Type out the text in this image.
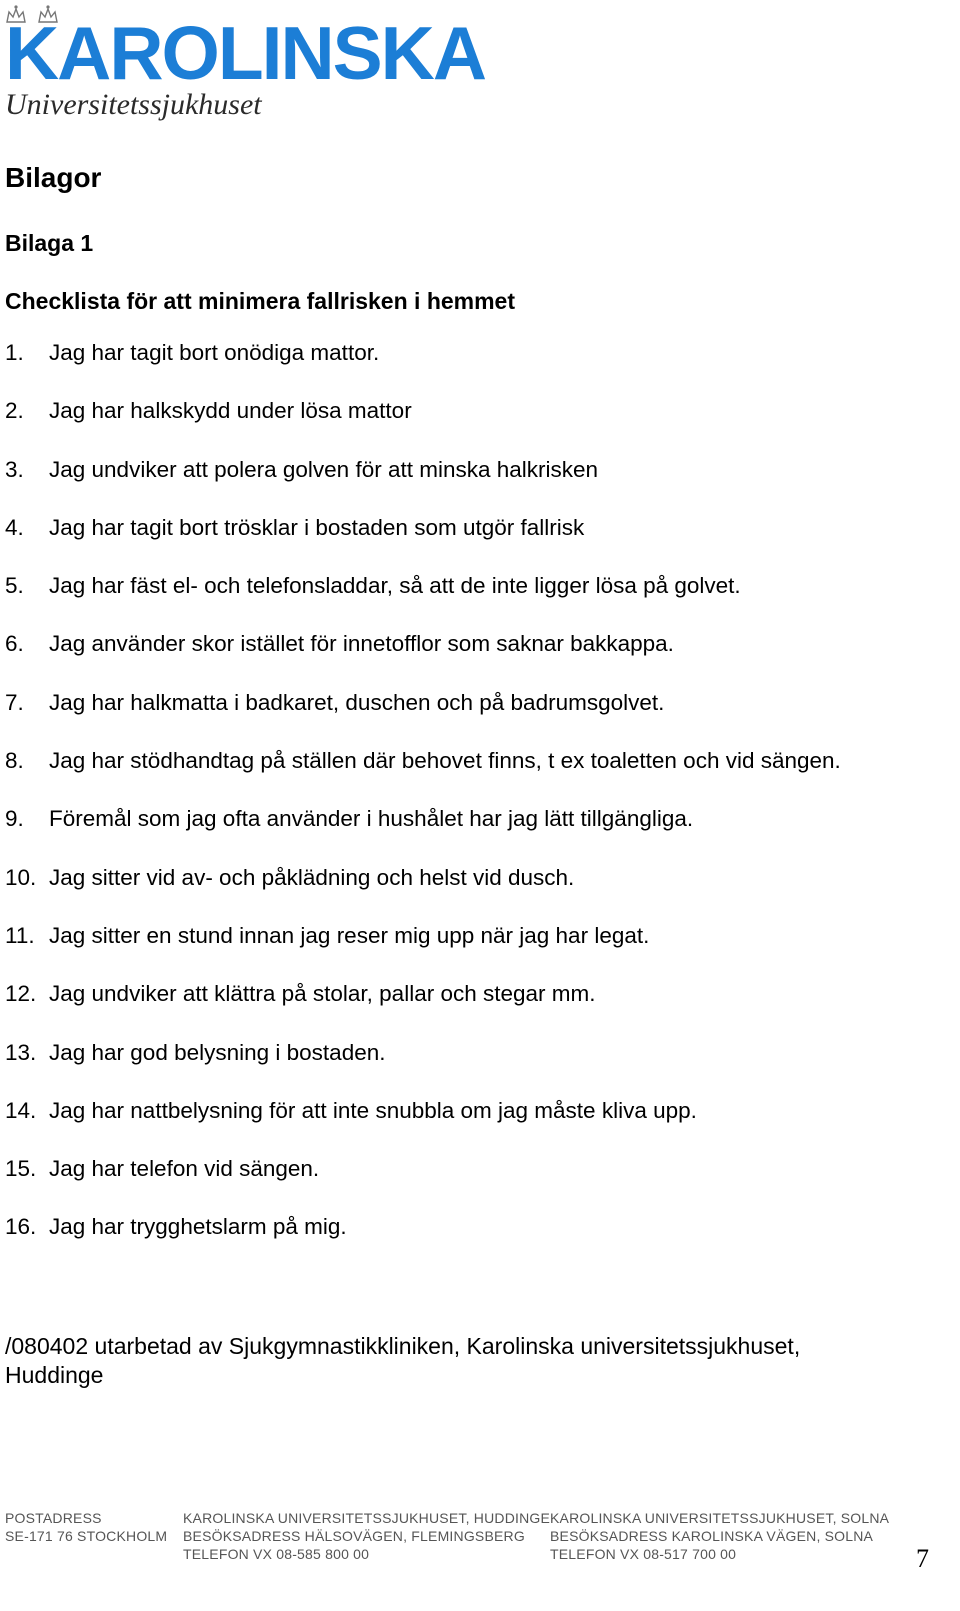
KAROLINSKA
Universitetssjukhuset
Bilagor
Bilaga 1
Checklista för att minimera fallrisken i hemmet
1.	Jag har tagit bort onödiga mattor.
2.	Jag har halkskydd under lösa mattor
3.	Jag undviker att polera golven för att minska halkrisken
4.	Jag har tagit bort trösklar i bostaden som utgör fallrisk
5.	Jag har fäst el- och telefonsladdar, så att de inte ligger lösa på golvet.
6.	Jag använder skor istället för innetofflor som saknar bakkappa.
7.	Jag har halkmatta i badkaret, duschen och på badrumsgolvet.
8.	Jag har stödhandtag på ställen där behovet finns, t ex toaletten och vid sängen.
9.	Föremål som jag ofta använder i hushålet har jag lätt tillgängliga.
10. Jag sitter vid av- och påklädning och helst vid dusch.
11. Jag sitter en stund innan jag reser mig upp när jag har legat.
12. Jag undviker att klättra på stolar, pallar och stegar mm.
13. Jag har god belysning i bostaden.
14. Jag har nattbelysning för att inte snubbla om jag måste kliva upp.
15. Jag har telefon vid sängen.
16. Jag har trygghetslarm på mig.
/080402 utarbetad av Sjukgymnastikkliniken, Karolinska universitetssjukhuset, Huddinge
POSTADRESS
SE-171 76 STOCKHOLM
KAROLINSKA UNIVERSITETSSJUKHUSET, HUDDINGE
BESÖKSADRESS HÄLSOVÄGEN, FLEMINGSBERG
TELEFON VX 08-585 800 00
KAROLINSKA UNIVERSITETSSJUKHUSET, SOLNA
BESÖKSADRESS KAROLINSKA VÄGEN, SOLNA
TELEFON VX 08-517 700 00	7
